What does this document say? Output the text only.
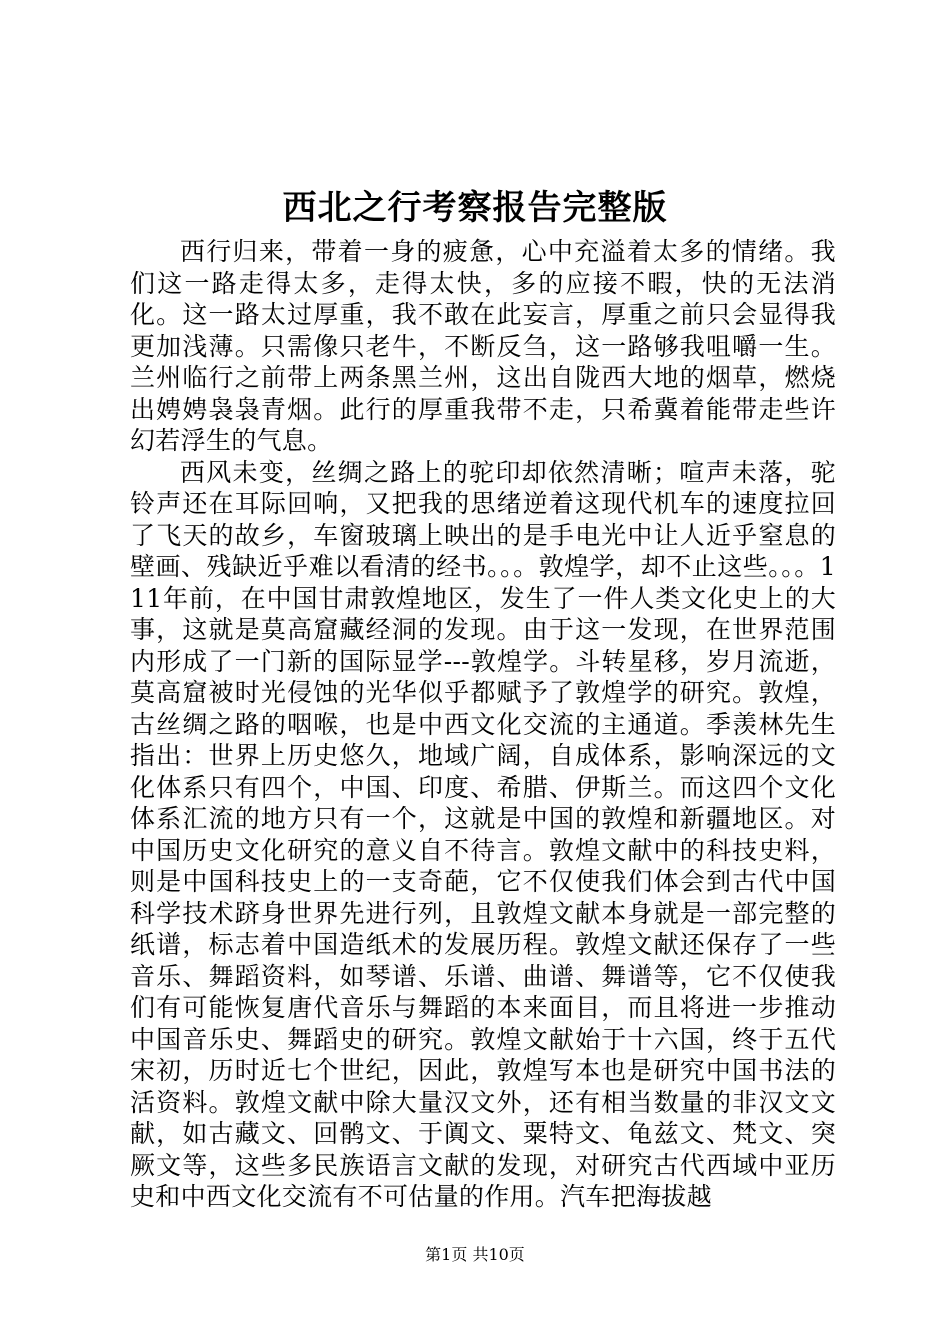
西北之行考察报告完整版

西行归来，带着一身的疲惫，心中充溢着太多的情绪。我们这一路走得太多，走得太快，多的应接不暇，快的无法消化。这一路太过厚重，我不敢在此妄言，厚重之前只会显得我更加浅薄。只需像只老牛，不断反刍，这一路够我咀嚼一生。兰州临行之前带上两条黑兰州，这出自陇西大地的烟草，燃烧出娉娉袅袅青烟。此行的厚重我带不走，只希冀着能带走些许幻若浮生的气息。

西风未变，丝绸之路上的驼印却依然清晰；喧声未落，驼铃声还在耳际回响，又把我的思绪逆着这现代机车的速度拉回了飞天的故乡，车窗玻璃上映出的是手电光中让人近乎窒息的壁画、残缺近乎难以看清的经书。。。敦煌学，却不止这些。。。111年前，在中国甘肃敦煌地区，发生了一件人类文化史上的大事，这就是莫高窟藏经洞的发现。由于这一发现，在世界范围内形成了一门新的国际显学---敦煌学。斗转星移，岁月流逝，莫高窟被时光侵蚀的光华似乎都赋予了敦煌学的研究。敦煌，古丝绸之路的咽喉，也是中西文化交流的主通道。季羡林先生指出：世界上历史悠久，地域广阔，自成体系，影响深远的文化体系只有四个，中国、印度、希腊、伊斯兰。而这四个文化体系汇流的地方只有一个，这就是中国的敦煌和新疆地区。对中国历史文化研究的意义自不待言。敦煌文献中的科技史料，则是中国科技史上的一支奇葩，它不仅使我们体会到古代中国科学技术跻身世界先进行列，且敦煌文献本身就是一部完整的纸谱，标志着中国造纸术的发展历程。敦煌文献还保存了一些音乐、舞蹈资料，如琴谱、乐谱、曲谱、舞谱等，它不仅使我们有可能恢复唐代音乐与舞蹈的本来面目，而且将进一步推动中国音乐史、舞蹈史的研究。敦煌文献始于十六国，终于五代宋初，历时近七个世纪，因此，敦煌写本也是研究中国书法的活资料。敦煌文献中除大量汉文外，还有相当数量的非汉文文献，如古藏文、回鹘文、于阗文、粟特文、龟兹文、梵文、突厥文等，这些多民族语言文献的发现，对研究古代西域中亚历史和中西文化交流有不可估量的作用。汽车把海拔越

第1页 共10页
